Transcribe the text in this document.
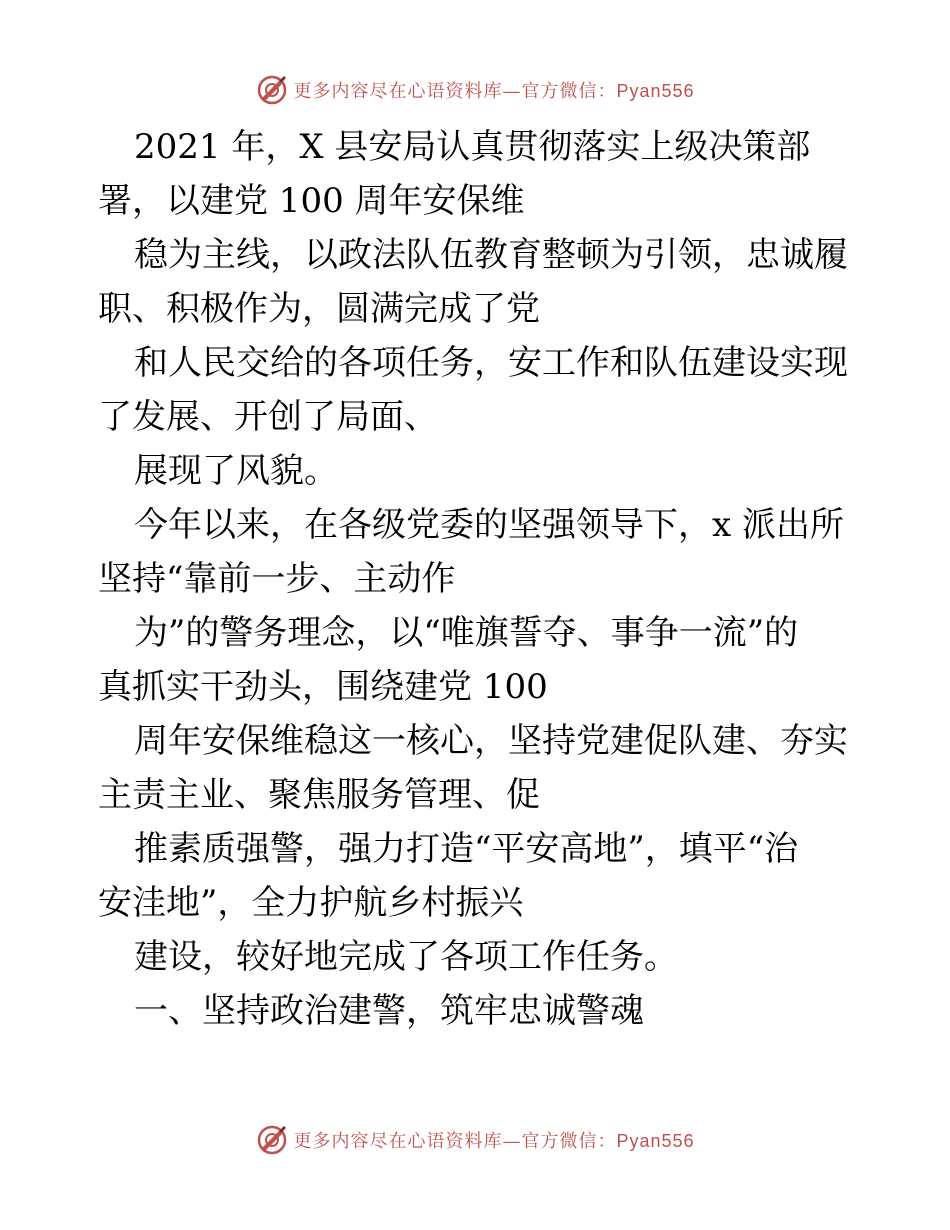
更多内容尽在心语资料库—官方微信：Pyan556
2021 年，X 县安局认真贯彻落实上级决策部
署，以建党 100 周年安保维
稳为主线，以政法队伍教育整顿为引领，忠诚履
职、积极作为，圆满完成了党
和人民交给的各项任务，安工作和队伍建设实现
了发展、开创了局面、
展现了风貌。
今年以来，在各级党委的坚强领导下，x 派出所
坚持“靠前一步、主动作
为”的警务理念，以“唯旗誓夺、事争一流”的
真抓实干劲头，围绕建党 100
周年安保维稳这一核心，坚持党建促队建、夯实
主责主业、聚焦服务管理、促
推素质强警，强力打造“平安高地”，填平“治
安洼地”，全力护航乡村振兴
建设，较好地完成了各项工作任务。
一、坚持政治建警，筑牢忠诚警魂
更多内容尽在心语资料库—官方微信：Pyan556
